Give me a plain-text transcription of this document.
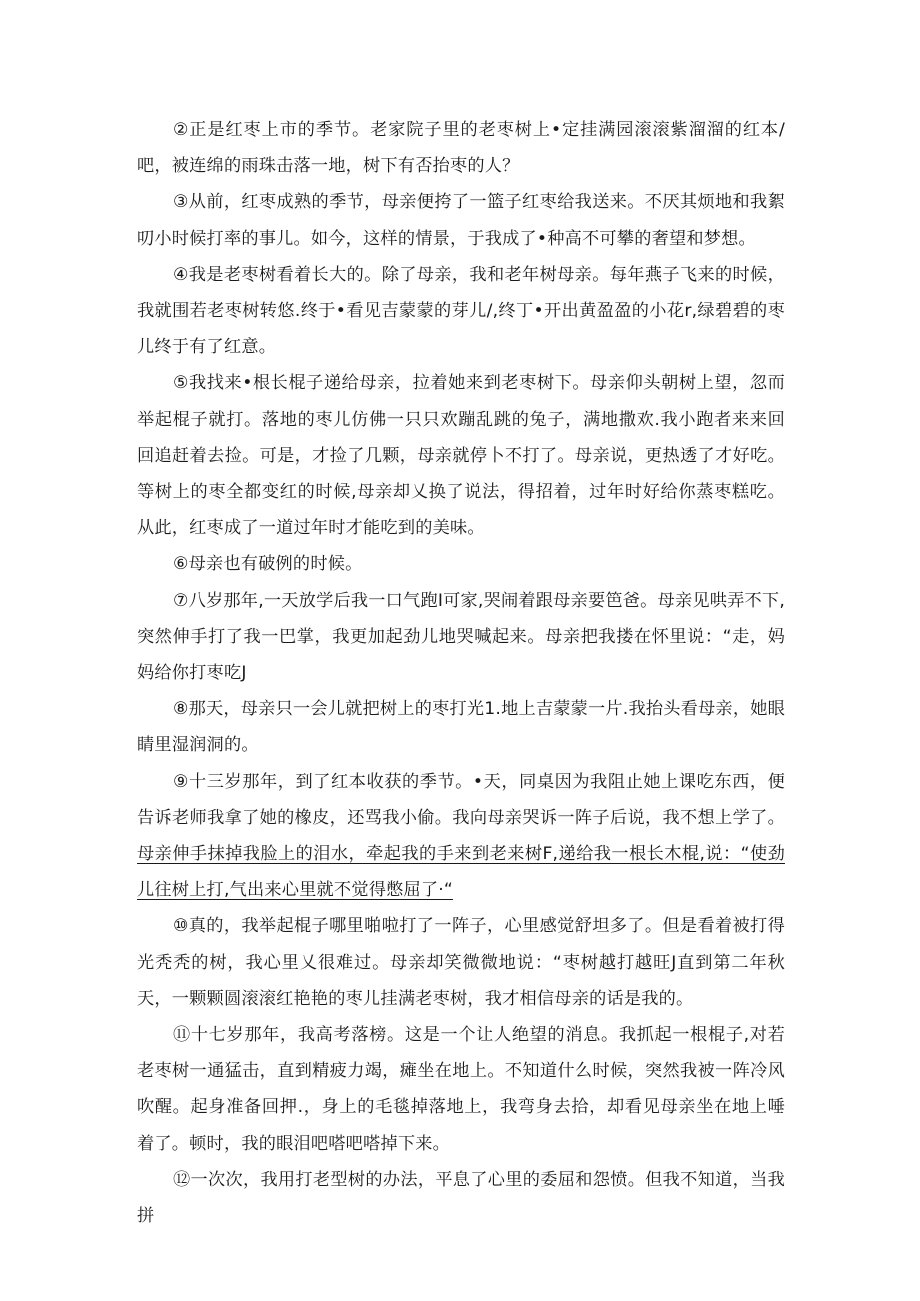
②正是红枣上市的季节。老家院子里的老枣树上•定挂满园滚滚紫溜溜的红本/吧，被连绵的雨珠击落一地，树下有否抬枣的人？

③从前，红枣成熟的季节，母亲便挎了一篮子红枣给我送来。不厌其烦地和我絮叨小时候打率的事儿。如今，这样的情景，于我成了•种高不可攀的奢望和梦想。

④我是老枣树看着长大的。除了母亲，我和老年树母亲。每年燕子飞来的时候，我就围若老枣树转悠.终于•看见吉蒙蒙的芽儿/,终丁•开出黄盈盈的小花r,绿碧碧的枣儿终于有了红意。

⑤我找来•根长棍子递给母亲，拉着她来到老枣树下。母亲仰头朝树上望，忽而举起棍子就打。落地的枣儿仿佛一只只欢蹦乱跳的兔子，满地撒欢.我小跑者来来回回追赶着去捡。可是，才捡了几颗，母亲就停卜不打了。母亲说，更热透了才好吃。等树上的枣全都变红的时候,母亲却乂换了说法，得招着，过年时好给你蒸枣糕吃。从此，红枣成了一道过年时才能吃到的美味。

⑥母亲也有破例的时候。

⑦八岁那年,一天放学后我一口气跑I可家,哭闹着跟母亲要笆爸。母亲见哄弄不下,突然伸手打了我一巴掌，我更加起劲儿地哭喊起来。母亲把我搂在怀里说：“走，妈妈给你打枣吃J

⑧那天，母亲只一会儿就把树上的枣打光1.地上吉蒙蒙一片.我抬头看母亲，她眼睛里湿润洞的。

⑨十三岁那年，到了红本收获的季节。•天，同桌因为我阻止她上课吃东西，便告诉老师我拿了她的橡皮，还骂我小偷。我向母亲哭诉一阵子后说，我不想上学了。母亲伸手抹掉我脸上的泪水，牵起我的手来到老来树F,递给我一根长木棍,说：“使劲儿往树上打,气出来心里就不觉得憋屈了·“

⑩真的，我举起棍子哪里啪啦打了一阵子，心里感觉舒坦多了。但是看着被打得光秃秃的树，我心里乂很难过。母亲却笑微微地说：“枣树越打越旺J直到第二年秋天，一颗颗圆滚滚红艳艳的枣儿挂满老枣树，我才相信母亲的话是我的。

⑪十七岁那年，我高考落榜。这是一个让人绝望的消息。我抓起一根棍子,对若老枣树一通猛击，直到精疲力竭，瘫坐在地上。不知道什么时候，突然我被一阵冷风吹醒。起身准备回押.，身上的毛毯掉落地上，我弯身去拾，却看见母亲坐在地上唾着了。顿时，我的眼泪吧嗒吧嗒掉下来。

⑫一次次，我用打老型树的办法，平息了心里的委屈和怨愤。但我不知道，当我拼
